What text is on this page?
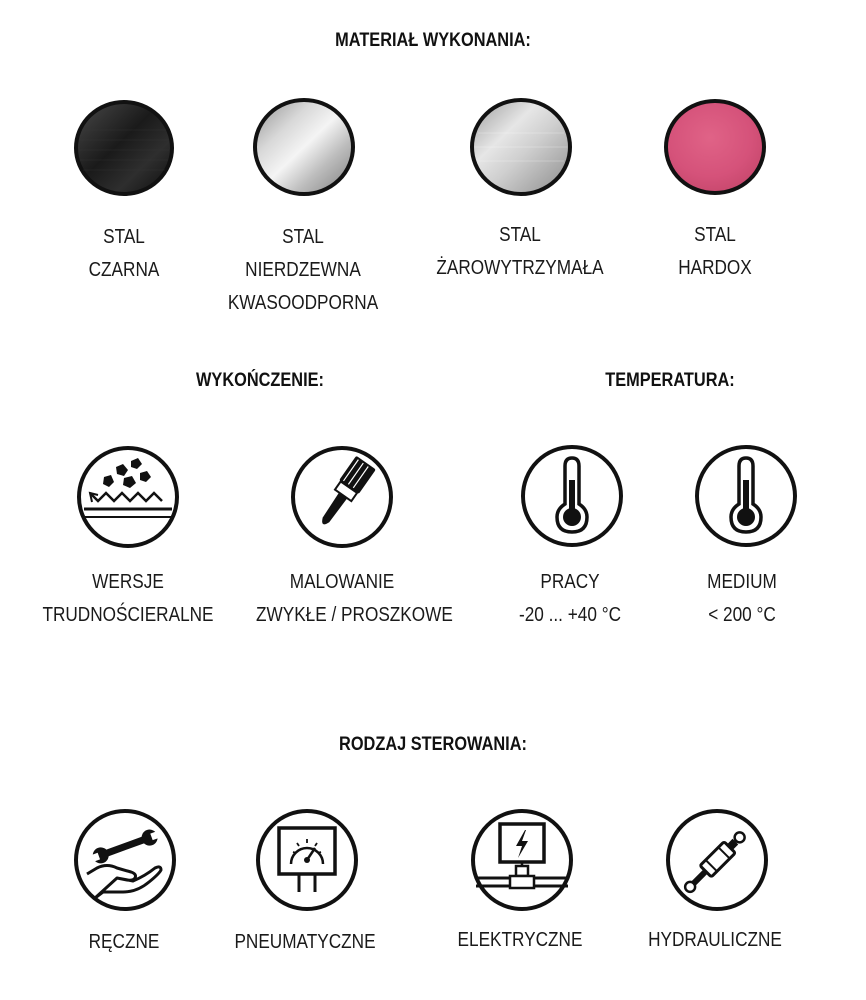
MATERIAŁ WYKONANIA:
STAL
CZARNA
STAL
NIERDZEWNA
KWASOODPORNA
STAL
ŻAROWYTRZYMAŁA
STAL
HARDOX
WYKOŃCZENIE:	TEMPERATURA:
WERSJE
TRUDNOŚCIERALNE
MALOWANIE
ZWYKŁE / PROSZKOWE
PRACY
-20 ... +40 °C
MEDIUM
< 200 °C
RODZAJ STEROWANIA:
RĘCZNE	PNEUMATYCZNE	ELEKTRYCZNE	HYDRAULICZNE
